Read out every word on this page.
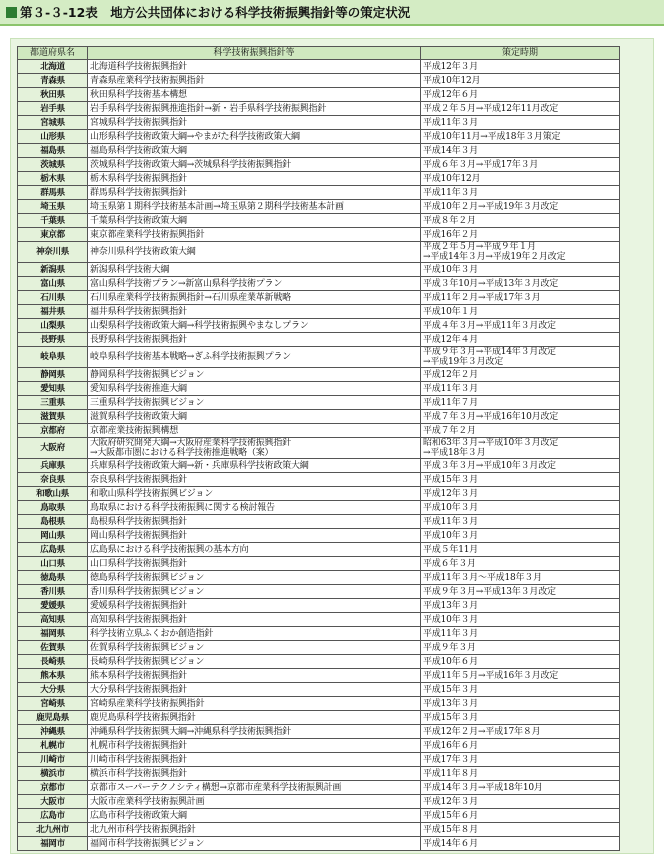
第３-３-12表　地方公共団体における科学技術振興指針等の策定状況
都道府県名	科学技術振興指針等	策定時期
北海道	北海道科学技術振興指針	平成12年３月

青森県	青森県産業科学技術振興指針	平成10年12月

秋田県	秋田県科学技術基本構想	平成12年６月

岩手県	岩手県科学技術振興推進指針→新・岩手県科学技術振興指針	平成２年５月→平成12年11月改定

宮城県	宮城県科学技術振興指針	平成11年３月

山形県	山形県科学技術政策大綱→やまがた科学技術政策大綱	平成10年11月→平成18年３月策定

福島県	福島県科学技術政策大綱	平成14年３月

茨城県	茨城県科学技術政策大綱→茨城県科学技術振興指針	平成６年３月→平成17年３月

栃木県	栃木県科学技術振興指針	平成10年12月

群馬県	群馬県科学技術振興指針	平成11年３月

埼玉県	埼玉県第１期科学技術基本計画→埼玉県第２期科学技術基本計画	平成10年２月→平成19年３月改定

千葉県	千葉県科学技術政策大綱	平成８年２月

東京都	東京都産業科学技術振興指針	平成16年２月

神奈川県	神奈川県科学技術政策大綱	平成２年５月→平成９年１月
→平成14年３月→平成19年２月改定

新潟県	新潟県科学技術大綱	平成10年３月

富山県	富山県科学技術プラン→新富山県科学技術プラン	平成３年10月→平成13年３月改定

石川県	石川県産業科学技術振興指針→石川県産業革新戦略	平成11年２月→平成17年３月

福井県	福井県科学技術振興指針	平成10年１月

山梨県	山梨県科学技術政策大綱→科学技術振興やまなしプラン	平成４年３月→平成11年３月改定

長野県	長野県科学技術振興指針	平成12年４月

岐阜県	岐阜県科学技術基本戦略→ぎふ科学技術振興プラン	平成９年３月→平成14年３月改定
→平成19年３月改定

静岡県	静岡県科学技術振興ビジョン	平成12年２月

愛知県	愛知県科学技術推進大綱	平成11年３月

三重県	三重県科学技術振興ビジョン	平成11年７月

滋賀県	滋賀県科学技術政策大綱	平成７年３月→平成16年10月改定

京都府	京都産業技術振興構想	平成７年２月

大阪府	大阪府研究開発大綱→大阪府産業科学技術振興指針
→大阪都市圏における科学技術推進戦略（案）	昭和63年３月→平成10年３月改定
→平成18年３月

兵庫県	兵庫県科学技術政策大綱→新・兵庫県科学技術政策大綱	平成３年３月→平成10年３月改定

奈良県	奈良県科学技術振興指針	平成15年３月

和歌山県	和歌山県科学技術振興ビジョン	平成12年３月

鳥取県	鳥取県における科学技術振興に関する検討報告	平成10年３月

島根県	島根県科学技術振興指針	平成11年３月

岡山県	岡山県科学技術振興指針	平成10年３月

広島県	広島県における科学技術振興の基本方向	平成５年11月

山口県	山口県科学技術振興指針	平成６年３月

徳島県	徳島県科学技術振興ビジョン	平成11年３月〜平成18年３月

香川県	香川県科学技術振興ビジョン	平成９年３月→平成13年３月改定

愛媛県	愛媛県科学技術振興指針	平成13年３月

高知県	高知県科学技術振興指針	平成10年３月

福岡県	科学技術立県ふくおか創造指針	平成11年３月

佐賀県	佐賀県科学技術振興ビジョン	平成９年３月

長崎県	長崎県科学技術振興ビジョン	平成10年６月

熊本県	熊本県科学技術振興指針	平成11年５月→平成16年３月改定

大分県	大分県科学技術振興指針	平成15年３月

宮崎県	宮崎県産業科学技術振興指針	平成13年３月

鹿児島県	鹿児島県科学技術振興指針	平成15年３月

沖縄県	沖縄県科学技術振興大綱→沖縄県科学技術振興指針	平成12年２月→平成17年８月

札幌市	札幌市科学技術振興指針	平成16年６月

川崎市	川崎市科学技術振興指針	平成17年３月

横浜市	横浜市科学技術振興指針	平成11年８月

京都市	京都市スーパーテクノシティ構想→京都市産業科学技術振興計画	平成14年３月→平成18年10月

大阪市	大阪市産業科学技術振興計画	平成12年３月

広島市	広島市科学技術政策大綱	平成15年６月

北九州市	北九州市科学技術振興指針	平成15年８月

福岡市	福岡市科学技術振興ビジョン	平成14年６月
